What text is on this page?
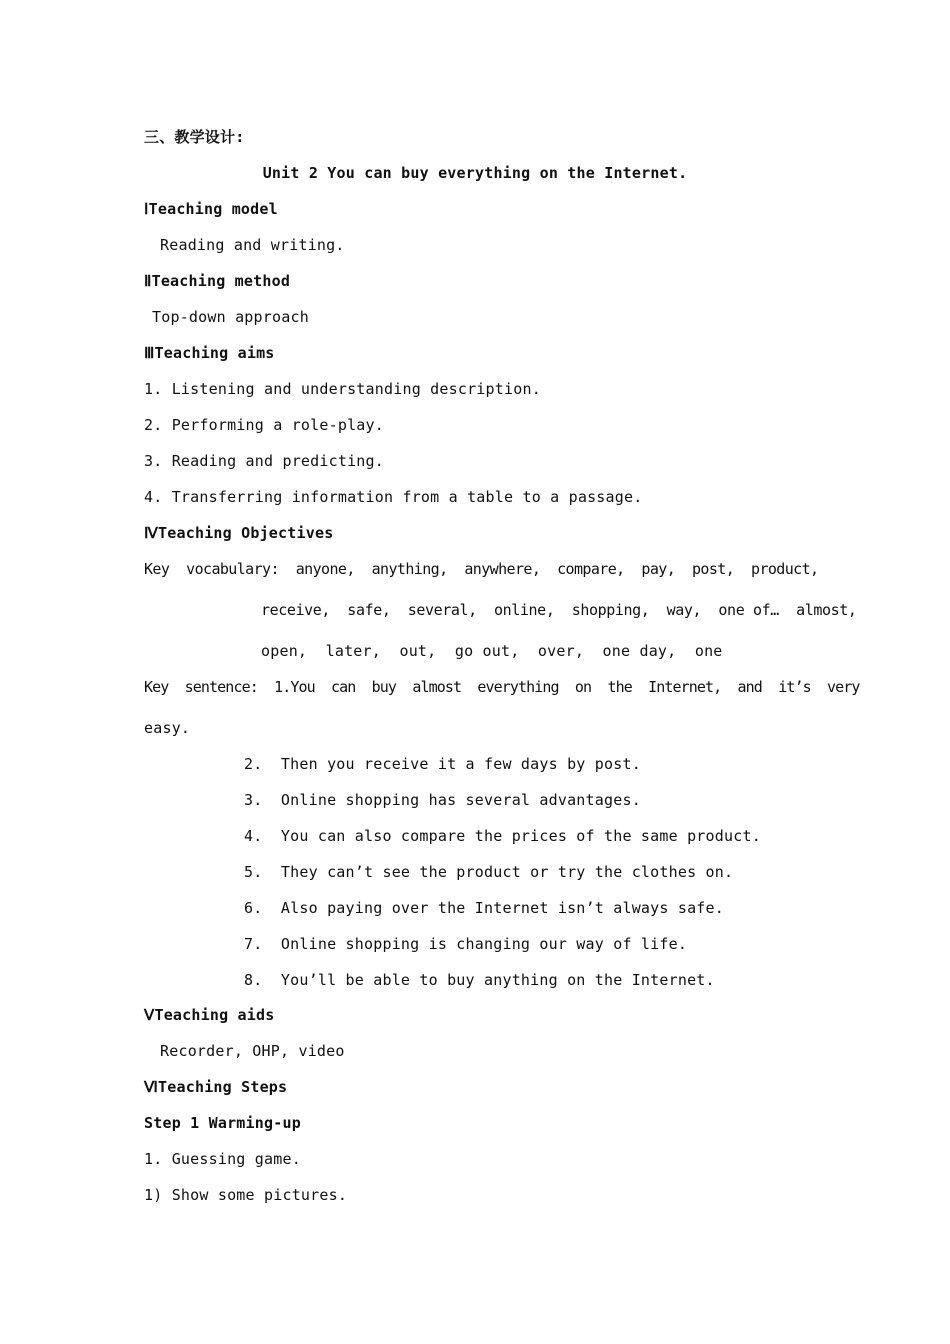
三、教学设计:
Unit 2 You can buy everything on the Internet.
ⅠTeaching model
Reading and writing.
ⅡTeaching method
Top-down approach
ⅢTeaching aims
1. Listening and understanding description.
2. Performing a role-play.
3. Reading and predicting.
4. Transferring information from a table to a passage.
ⅣTeaching Objectives
Key  vocabulary:  anyone,  anything,  anywhere,  compare,  pay,  post,  product,
receive,  safe,  several,  online,  shopping,  way,  one of…  almost,
open,  later,  out,  go out,  over,  one day,  one
Key  sentence:  1.You  can  buy  almost  everything  on  the  Internet,  and  it’s  very
easy.
2.  Then you receive it a few days by post.
3.  Online shopping has several advantages.
4.  You can also compare the prices of the same product.
5.  They can’t see the product or try the clothes on.
6.  Also paying over the Internet isn’t always safe.
7.  Online shopping is changing our way of life.
8.  You’ll be able to buy anything on the Internet.
ⅤTeaching aids
Recorder, OHP, video
ⅥTeaching Steps
Step 1 Warming-up
1. Guessing game.
1) Show some pictures.
